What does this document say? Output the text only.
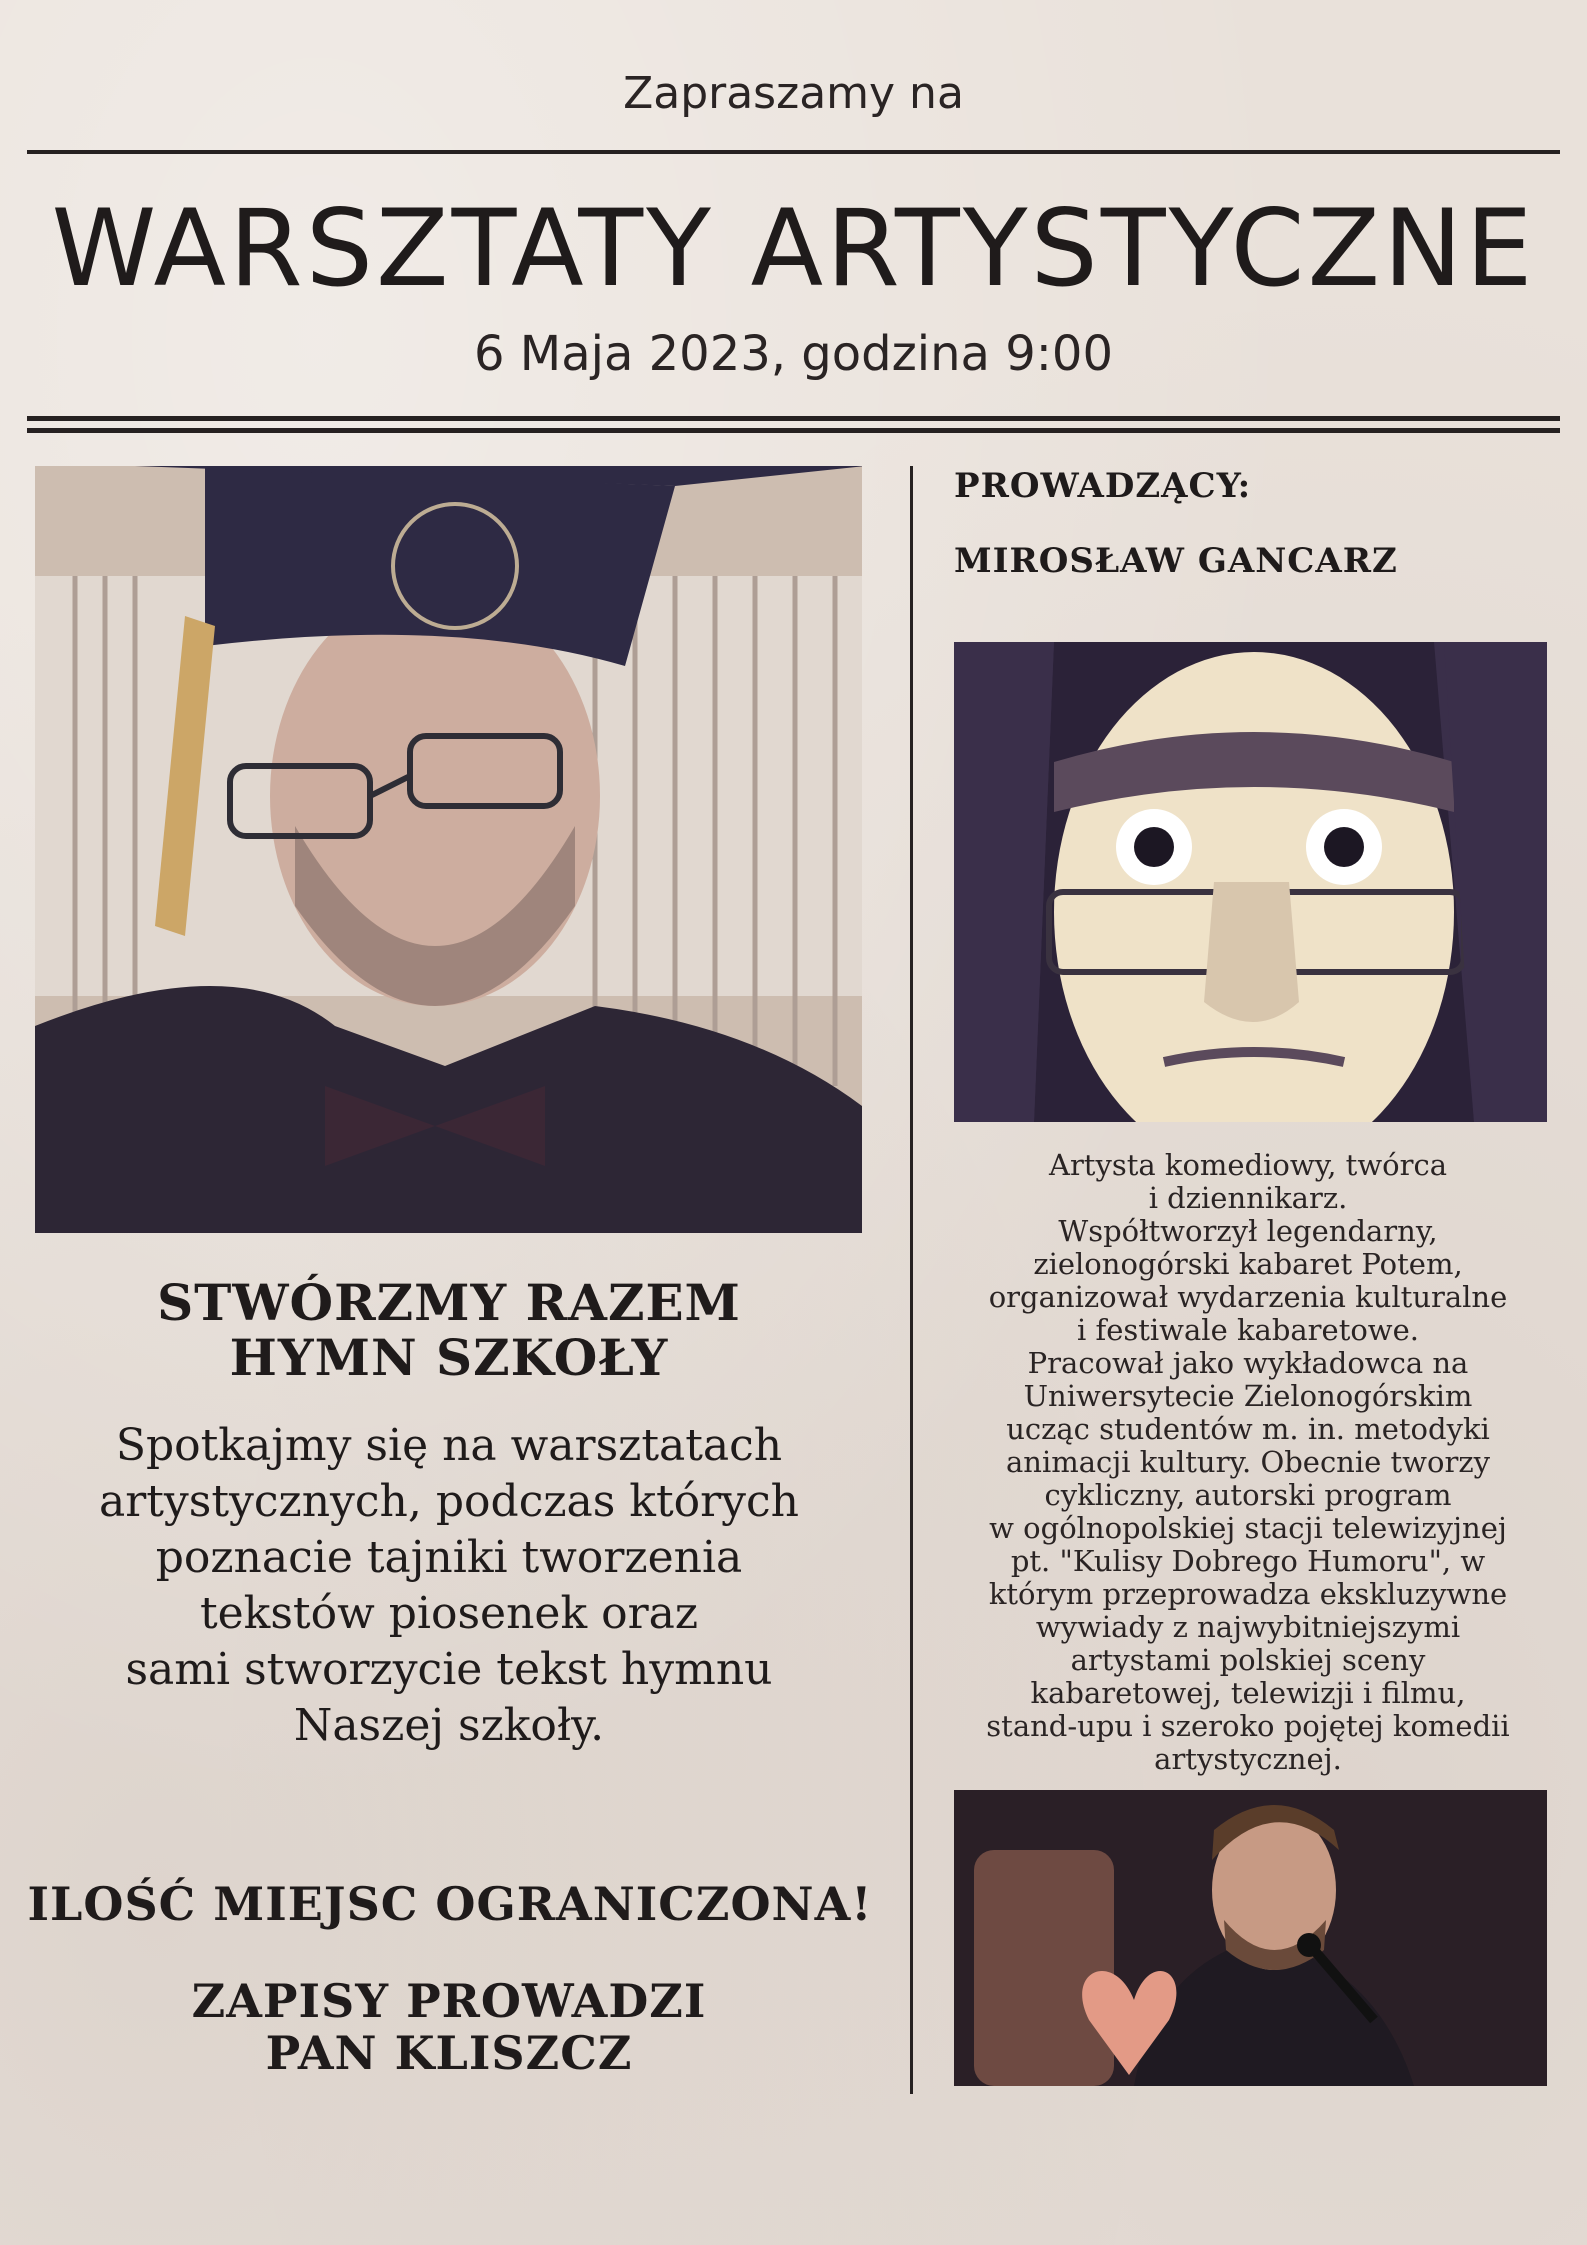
Zapraszamy na
WARSZTATY ARTYSTYCZNE
6 Maja 2023, godzina 9:00
STWÓRZMY RAZEM
HYMN SZKOŁY
Spotkajmy się na warsztatach
artystycznych, podczas których
poznacie tajniki tworzenia
tekstów piosenek oraz
sami stworzycie tekst hymnu
Naszej szkoły.
ILOŚĆ MIEJSC OGRANICZONA!
ZAPISY PROWADZI
PAN KLISZCZ
PROWADZĄCY:
MIROSŁAW GANCARZ
Artysta komediowy, twórca
i dziennikarz.
Współtworzył legendarny,
zielonogórski kabaret Potem,
organizował wydarzenia kulturalne
i festiwale kabaretowe.
Pracował jako wykładowca na
Uniwersytecie Zielonogórskim
ucząc studentów m. in. metodyki
animacji kultury. Obecnie tworzy
cykliczny, autorski program
w ogólnopolskiej stacji telewizyjnej
pt. "Kulisy Dobrego Humoru", w
którym przeprowadza ekskluzywne
wywiady z najwybitniejszymi
artystami polskiej sceny
kabaretowej, telewizji i filmu,
stand-upu i szeroko pojętej komedii
artystycznej.
